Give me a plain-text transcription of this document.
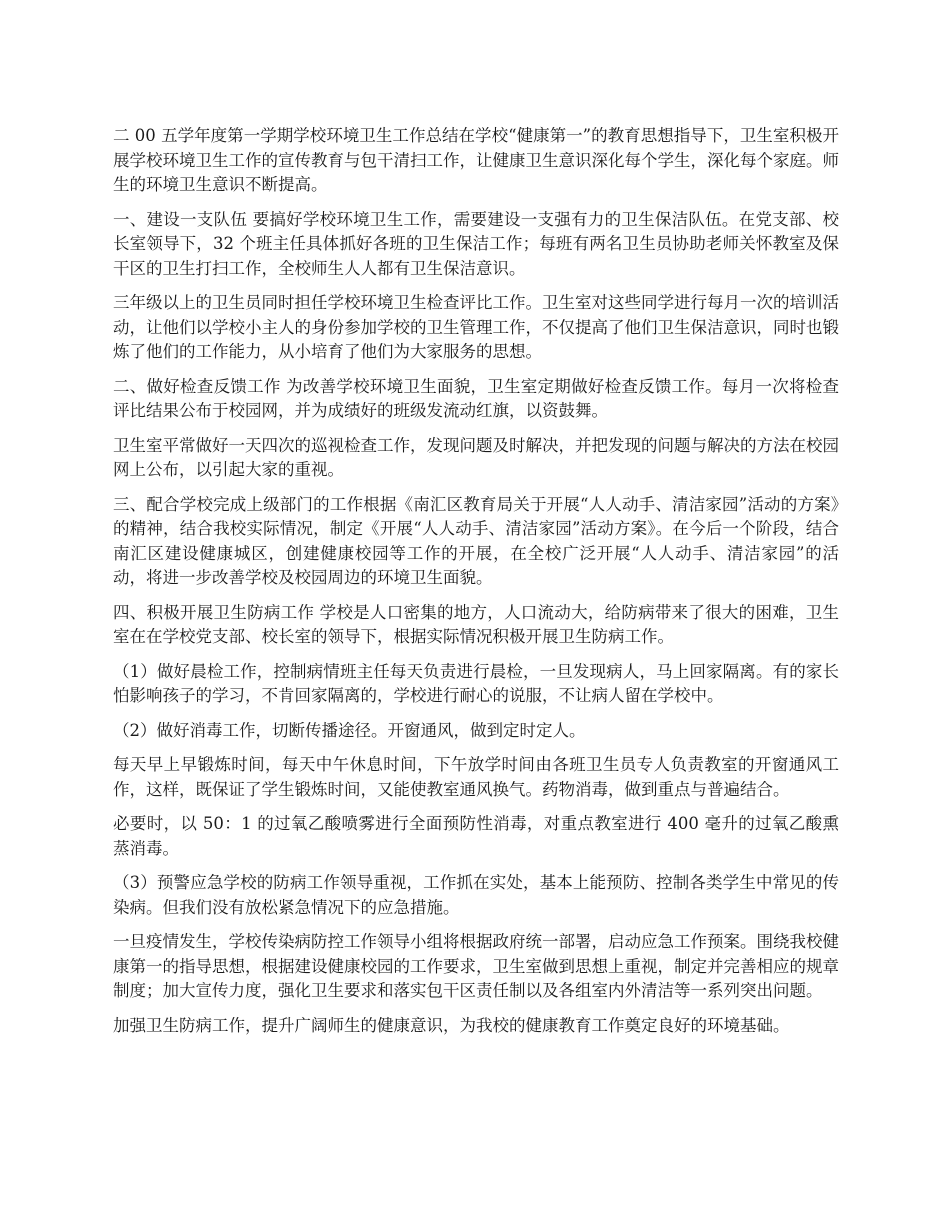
二 00 五学年度第一学期学校环境卫生工作总结在学校“健康第一”的教育思想指导下，卫生室积极开展学校环境卫生工作的宣传教育与包干清扫工作，让健康卫生意识深化每个学生，深化每个家庭。师生的环境卫生意识不断提高。

一、建设一支队伍 要搞好学校环境卫生工作，需要建设一支强有力的卫生保洁队伍。在党支部、校长室领导下，32 个班主任具体抓好各班的卫生保洁工作；每班有两名卫生员协助老师关怀教室及保干区的卫生打扫工作，全校师生人人都有卫生保洁意识。

三年级以上的卫生员同时担任学校环境卫生检查评比工作。卫生室对这些同学进行每月一次的培训活动，让他们以学校小主人的身份参加学校的卫生管理工作，不仅提高了他们卫生保洁意识，同时也锻炼了他们的工作能力，从小培育了他们为大家服务的思想。

二、做好检查反馈工作 为改善学校环境卫生面貌，卫生室定期做好检查反馈工作。每月一次将检查评比结果公布于校园网，并为成绩好的班级发流动红旗，以资鼓舞。

卫生室平常做好一天四次的巡视检查工作，发现问题及时解决，并把发现的问题与解决的方法在校园网上公布，以引起大家的重视。

三、配合学校完成上级部门的工作根据《南汇区教育局关于开展“人人动手、清洁家园”活动的方案》的精神，结合我校实际情况，制定《开展“人人动手、清洁家园”活动方案》。在今后一个阶段，结合南汇区建设健康城区，创建健康校园等工作的开展，在全校广泛开展“人人动手、清洁家园”的活动，将进一步改善学校及校园周边的环境卫生面貌。

四、积极开展卫生防病工作 学校是人口密集的地方，人口流动大，给防病带来了很大的困难，卫生室在在学校党支部、校长室的领导下，根据实际情况积极开展卫生防病工作。

（1）做好晨检工作，控制病情班主任每天负责进行晨检，一旦发现病人，马上回家隔离。有的家长怕影响孩子的学习，不肯回家隔离的，学校进行耐心的说服，不让病人留在学校中。

（2）做好消毒工作，切断传播途径。开窗通风，做到定时定人。

每天早上早锻炼时间，每天中午休息时间，下午放学时间由各班卫生员专人负责教室的开窗通风工作，这样，既保证了学生锻炼时间，又能使教室通风换气。药物消毒，做到重点与普遍结合。

必要时，以 50：1 的过氧乙酸喷雾进行全面预防性消毒，对重点教室进行 400 毫升的过氧乙酸熏蒸消毒。

（3）预警应急学校的防病工作领导重视，工作抓在实处，基本上能预防、控制各类学生中常见的传染病。但我们没有放松紧急情况下的应急措施。

一旦疫情发生，学校传染病防控工作领导小组将根据政府统一部署，启动应急工作预案。围绕我校健康第一的指导思想，根据建设健康校园的工作要求，卫生室做到思想上重视，制定并完善相应的规章制度；加大宣传力度，强化卫生要求和落实包干区责任制以及各组室内外清洁等一系列突出问题。

加强卫生防病工作，提升广阔师生的健康意识，为我校的健康教育工作奠定良好的环境基础。
